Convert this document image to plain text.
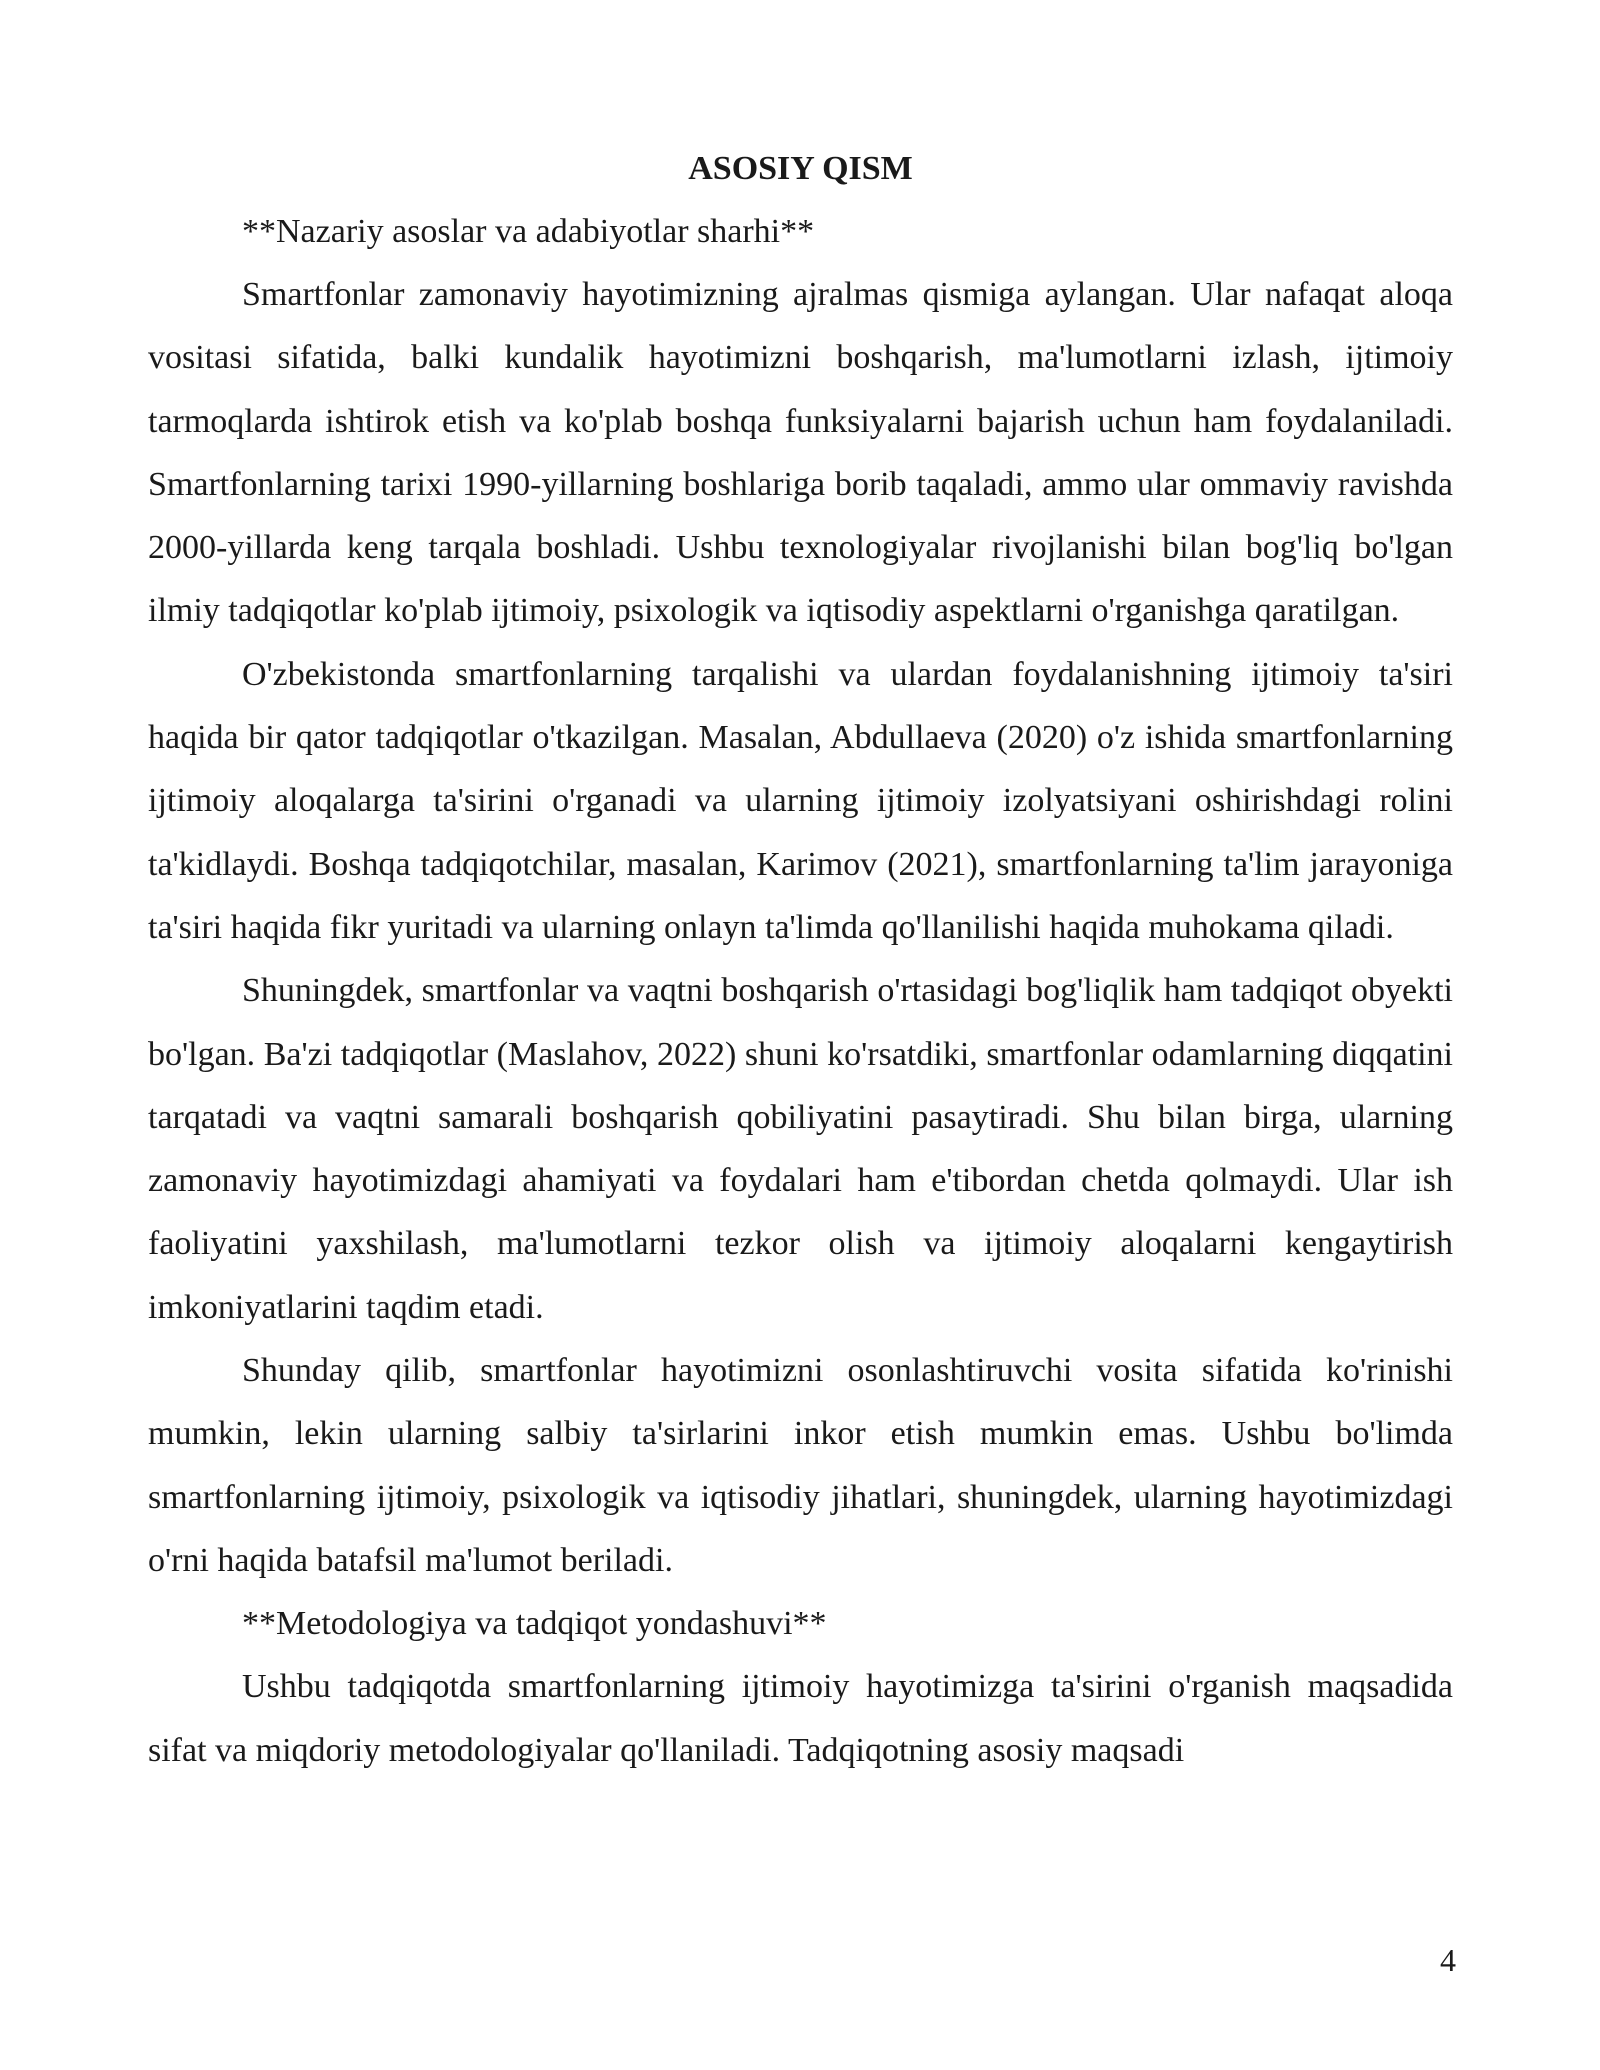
ASOSIY QISM

**Nazariy asoslar va adabiyotlar sharhi**

Smartfonlar zamonaviy hayotimizning ajralmas qismiga aylangan. Ular nafaqat aloqa vositasi sifatida, balki kundalik hayotimizni boshqarish, ma'lumotlarni izlash, ijtimoiy tarmoqlarda ishtirok etish va ko'plab boshqa funksiyalarni bajarish uchun ham foydalaniladi. Smartfonlarning tarixi 1990-yillarning boshlariga borib taqaladi, ammo ular ommaviy ravishda 2000-yillarda keng tarqala boshladi. Ushbu texnologiyalar rivojlanishi bilan bog'liq bo'lgan ilmiy tadqiqotlar ko'plab ijtimoiy, psixologik va iqtisodiy aspektlarni o'rganishga qaratilgan.

O'zbekistonda smartfonlarning tarqalishi va ulardan foydalanishning ijtimoiy ta'siri haqida bir qator tadqiqotlar o'tkazilgan. Masalan, Abdullaeva (2020) o'z ishida smartfonlarning ijtimoiy aloqalarga ta'sirini o'rganadi va ularning ijtimoiy izolyatsiyani oshirishdagi rolini ta'kidlaydi. Boshqa tadqiqotchilar, masalan, Karimov (2021), smartfonlarning ta'lim jarayoniga ta'siri haqida fikr yuritadi va ularning onlayn ta'limda qo'llanilishi haqida muhokama qiladi.

Shuningdek, smartfonlar va vaqtni boshqarish o'rtasidagi bog'liqlik ham tadqiqot obyekti bo'lgan. Ba'zi tadqiqotlar (Maslahov, 2022) shuni ko'rsatdiki, smartfonlar odamlarning diqqatini tarqatadi va vaqtni samarali boshqarish qobiliyatini pasaytiradi. Shu bilan birga, ularning zamonaviy hayotimizdagi ahamiyati va foydalari ham e'tibordan chetda qolmaydi. Ular ish faoliyatini yaxshilash, ma'lumotlarni tezkor olish va ijtimoiy aloqalarni kengaytirish imkoniyatlarini taqdim etadi.

Shunday qilib, smartfonlar hayotimizni osonlashtiruvchi vosita sifatida ko'rinishi mumkin, lekin ularning salbiy ta'sirlarini inkor etish mumkin emas. Ushbu bo'limda smartfonlarning ijtimoiy, psixologik va iqtisodiy jihatlari, shuningdek, ularning hayotimizdagi o'rni haqida batafsil ma'lumot beriladi.

**Metodologiya va tadqiqot yondashuvi**

Ushbu tadqiqotda smartfonlarning ijtimoiy hayotimizga ta'sirini o'rganish maqsadida sifat va miqdoriy metodologiyalar qo'llaniladi. Tadqiqotning asosiy maqsadi

4
